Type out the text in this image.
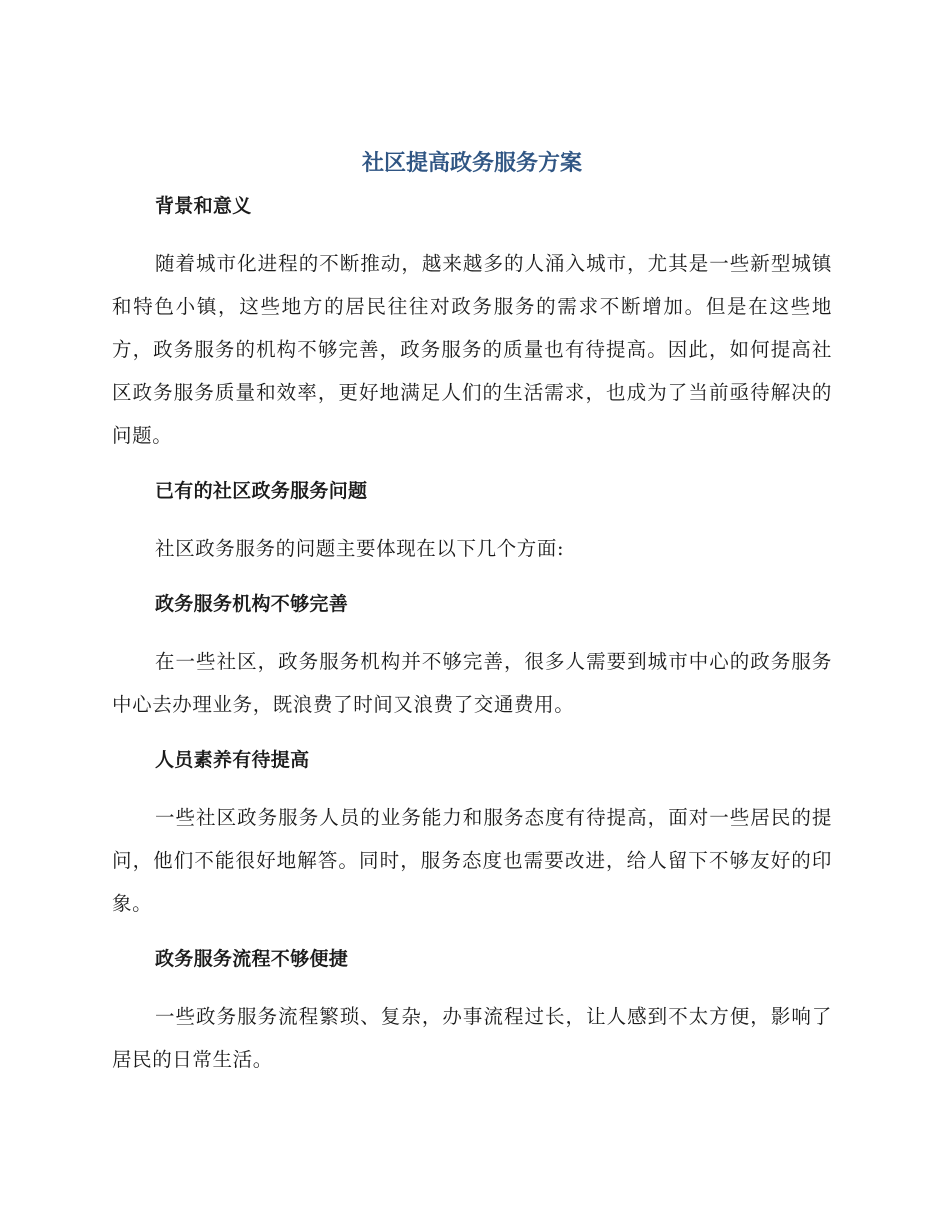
社区提高政务服务方案
背景和意义

随着城市化进程的不断推动，越来越多的人涌入城市，尤其是一些新型城镇和特色小镇，这些地方的居民往往对政务服务的需求不断增加。但是在这些地方，政务服务的机构不够完善，政务服务的质量也有待提高。因此，如何提高社区政务服务质量和效率，更好地满足人们的生活需求，也成为了当前亟待解决的问题。

已有的社区政务服务问题

社区政务服务的问题主要体现在以下几个方面:

政务服务机构不够完善

在一些社区，政务服务机构并不够完善，很多人需要到城市中心的政务服务中心去办理业务，既浪费了时间又浪费了交通费用。

人员素养有待提高

一些社区政务服务人员的业务能力和服务态度有待提高，面对一些居民的提问，他们不能很好地解答。同时，服务态度也需要改进，给人留下不够友好的印象。

政务服务流程不够便捷

一些政务服务流程繁琐、复杂，办事流程过长，让人感到不太方便，影响了居民的日常生活。
